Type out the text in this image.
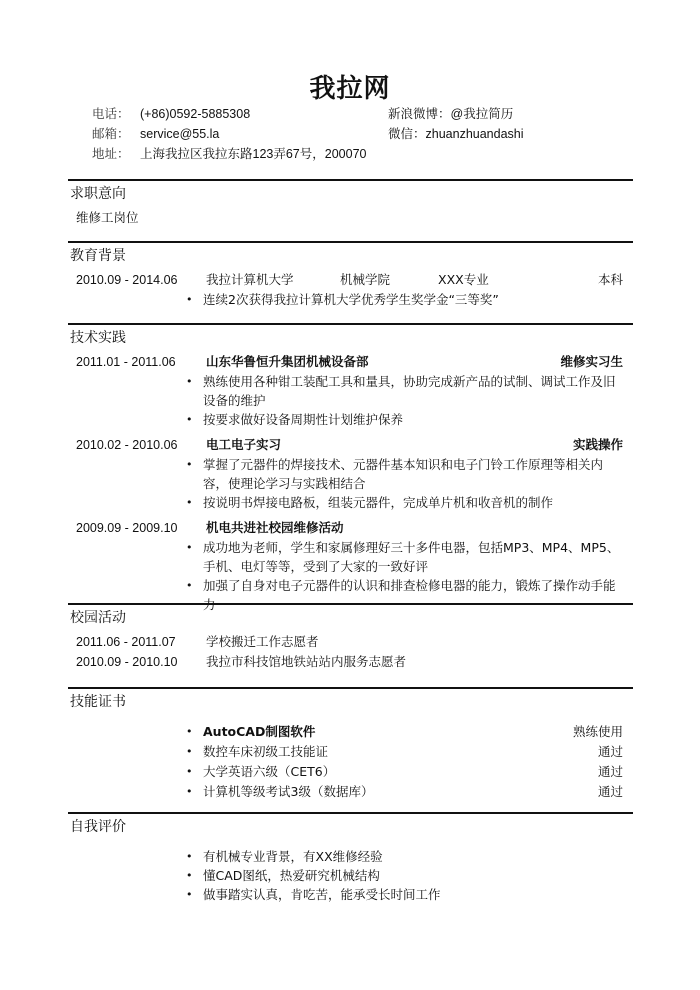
我拉网
电话： (+86)0592-5885308
邮箱： service@55.la
地址： 上海我拉区我拉东路123弄67号，200070
新浪微博：@我拉简历
微信：zhuanzhuandashi
求职意向
维修工岗位
教育背景
2010.09 - 2014.06 我拉计算机大学	机械学院	XXX专业	本科
• 连续2次获得我拉计算机大学优秀学生奖学金“三等奖”
技术实践
2011.01 - 2011.06 山东华鲁恒升集团机械设备部	维修实习生
• 熟练使用各种钳工装配工具和量具，协助完成新产品的试制、调试工作及旧设备的维护
• 按要求做好设备周期性计划维护保养
2010.02 - 2010.06 电工电子实习	实践操作
• 掌握了元器件的焊接技术、元器件基本知识和电子门铃工作原理等相关内容，使理论学习与实践相结合
• 按说明书焊接电路板，组装元器件，完成单片机和收音机的制作
2009.09 - 2009.10 机电共进社校园维修活动
• 成功地为老师，学生和家属修理好三十多件电器，包括MP3、MP4、MP5、手机、电灯等等，受到了大家的一致好评
• 加强了自身对电子元器件的认识和排查检修电器的能力，锻炼了操作动手能力
校园活动
2011.06 - 2011.07 学校搬迁工作志愿者
2010.09 - 2010.10 我拉市科技馆地铁站站内服务志愿者
技能证书
• AutoCAD制图软件	熟练使用
• 数控车床初级工技能证	通过
• 大学英语六级（CET6）	通过
• 计算机等级考试3级（数据库）	通过
自我评价
• 有机械专业背景，有XX维修经验
• 懂CAD图纸，热爱研究机械结构
• 做事踏实认真，肯吃苦，能承受长时间工作
